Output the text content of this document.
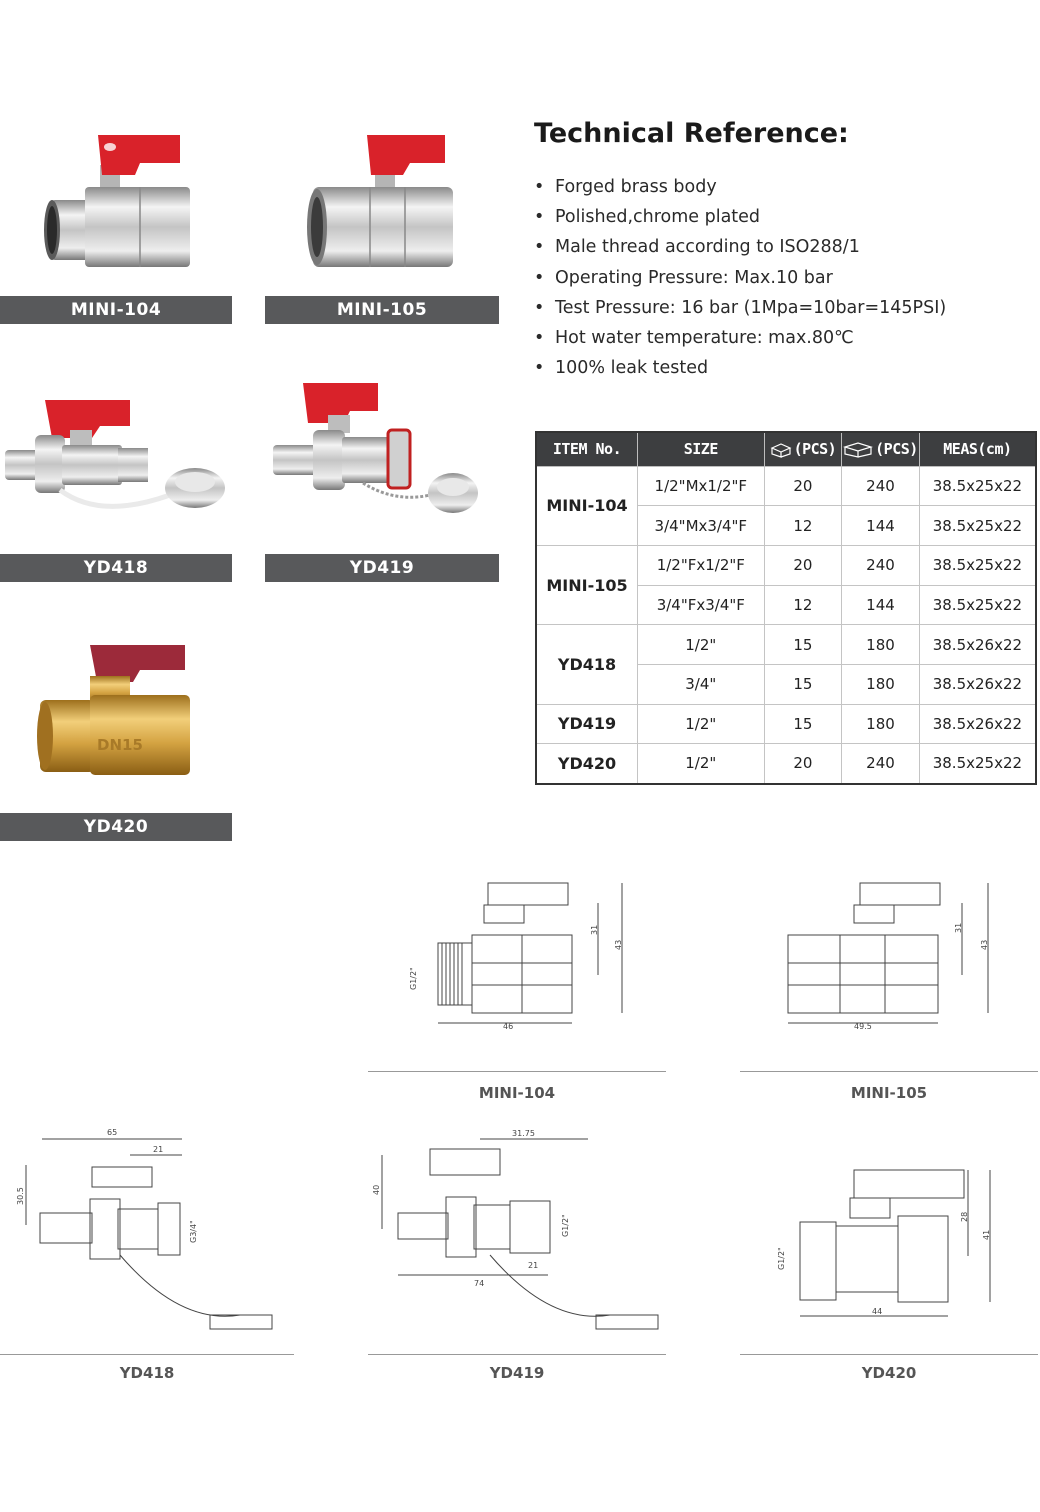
MINI-104	MINI-105
YD418	YD419
DN15
YD420
Technical Reference:
• Forged brass body
• Polished,chrome plated
• Male thread according to ISO288/1
• Operating Pressure: Max.10 bar
• Test Pressure: 16 bar (1Mpa=10bar=145PSI)
• Hot water temperature: max.80℃
• 100% leak tested
ITEM No.	SIZE	(PCS)	(PCS)	MEAS(cm)
MINI-104	1/2"Mx1/2"F	20	240	38.5x25x22
	3/4"Mx3/4"F	12	144	38.5x25x22
MINI-105	1/2"Fx1/2"F	20	240	38.5x25x22
	3/4"Fx3/4"F	12	144	38.5x25x22
YD418	1/2"	15	180	38.5x26x22
	3/4"	15	180	38.5x26x22
YD419	1/2"	15	180	38.5x26x22
YD420	1/2"	20	240	38.5x25x22
46
31
43
G1/2"
MINI-104
49.5
31
43
MINI-105
65
21
30.5
G3/4"
YD418
31.75
40
G1/2"
21
74
YD419
44
28
41
G1/2"
YD420
